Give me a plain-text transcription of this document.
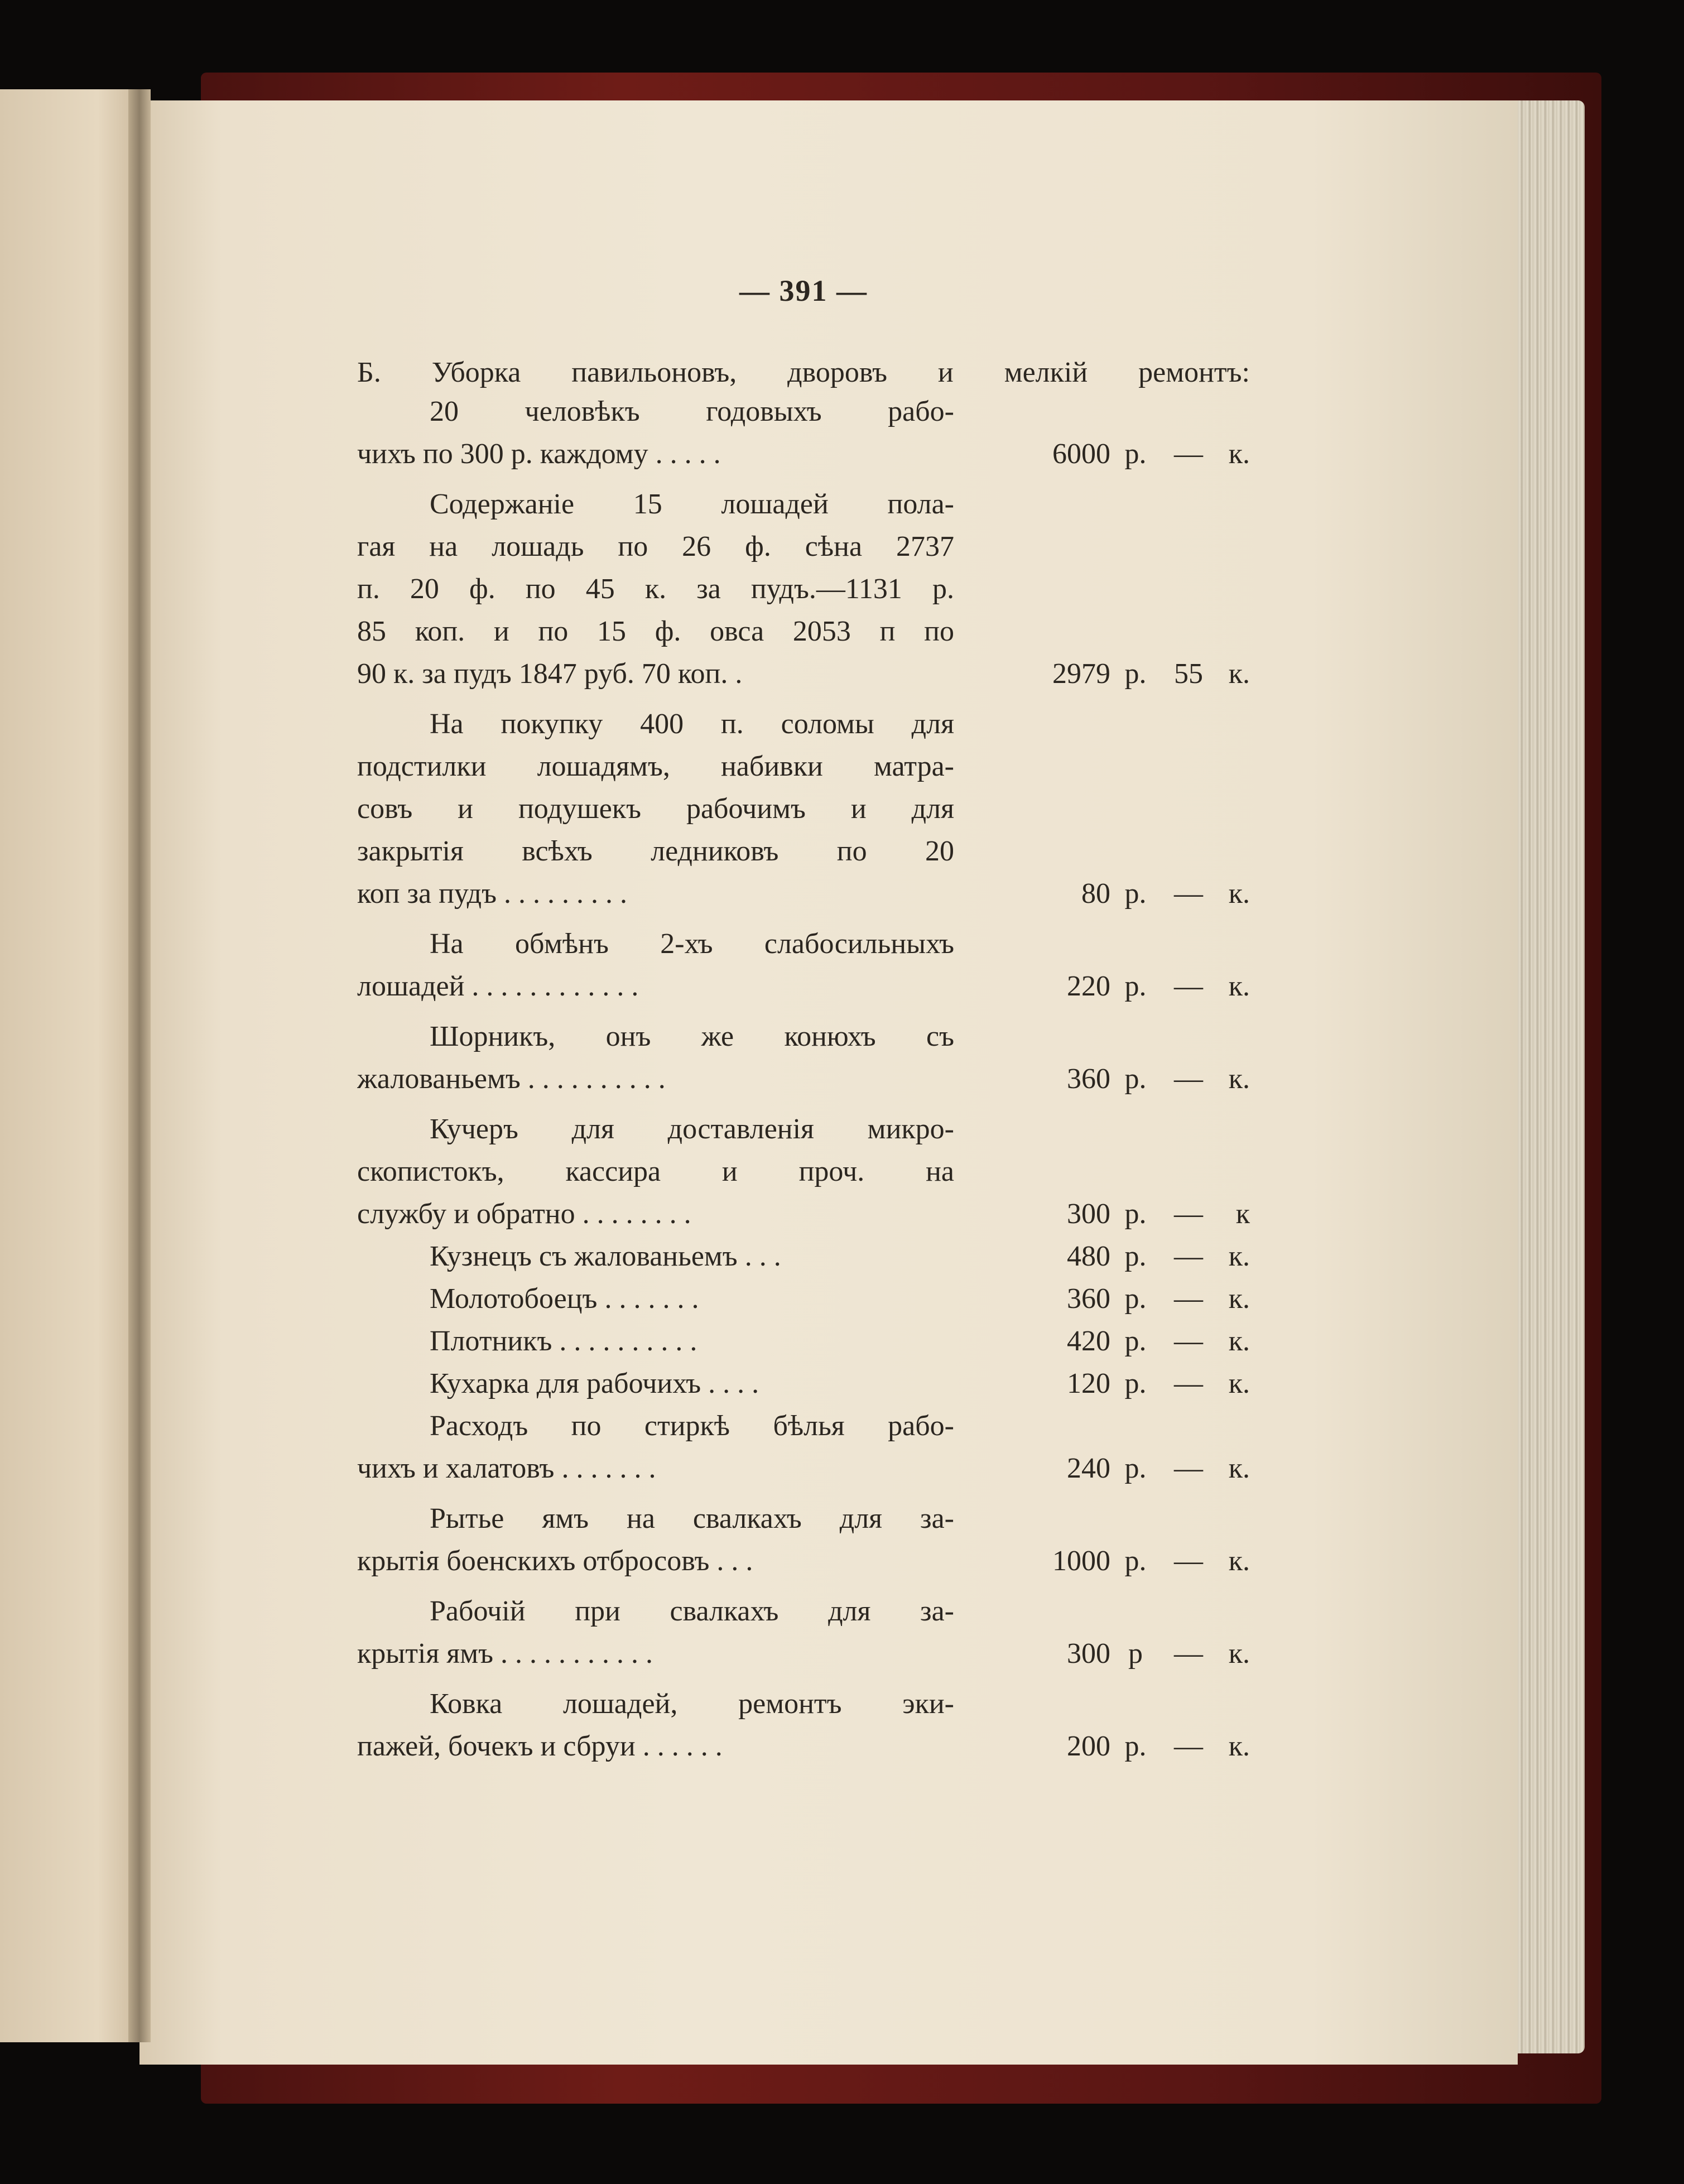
— 391 —
Б. Уборка павильоновъ, дворовъ и мелкій ремонтъ:
20 человѣкъ годовыхъ рабо-
чихъ по 300 р. каждому . . . . .	6000 р. — к.
Содержаніе 15 лошадей пола-
гая на лошадь по 26 ф. сѣна 2737
п. 20 ф. по 45 к. за пудъ.—1131 р.
85 коп. и по 15 ф. овса 2053 п по
90 к. за пудъ 1847 руб. 70 коп. .	2979 р. 55 к.
На покупку 400 п. соломы для
подстилки лошадямъ, набивки матра-
совъ и подушекъ рабочимъ и для
закрытія всѣхъ ледниковъ по 20
коп за пудъ . . . . . . . . .	80 р. — к.
На обмѣнъ 2-хъ слабосильныхъ
лошадей . . . . . . . . . . . .	220 р. — к.
Шорникъ, онъ же конюхъ съ
жалованьемъ . . . . . . . . . .	360 р. — к.
Кучеръ для доставленія микро-
скопистокъ, кассира и проч. на
службу и обратно . . . . . . . .	300 р. —	к
Кузнецъ съ жалованьемъ . . .	480 р. — к.
Молотобоецъ . . . . . . .	360 р. — к.
Плотникъ . . . . . . . . . .	420 р. — к.
Кухарка для рабочихъ . . . .	120 р. — к.
Расходъ по стиркѣ бѣлья рабо-
чихъ и халатовъ . . . . . . .	240 р. — к.
Рытье ямъ на свалкахъ для за-
крытія боенскихъ отбросовъ . . .	1000 р. — к.
Рабочій при свалкахъ для за-
крытія ямъ . . . . . . . . . . .	300 р	— к.
Ковка лошадей, ремонтъ эки-
пажей, бочекъ и сбруи . . . . . .	200 р. — к.
